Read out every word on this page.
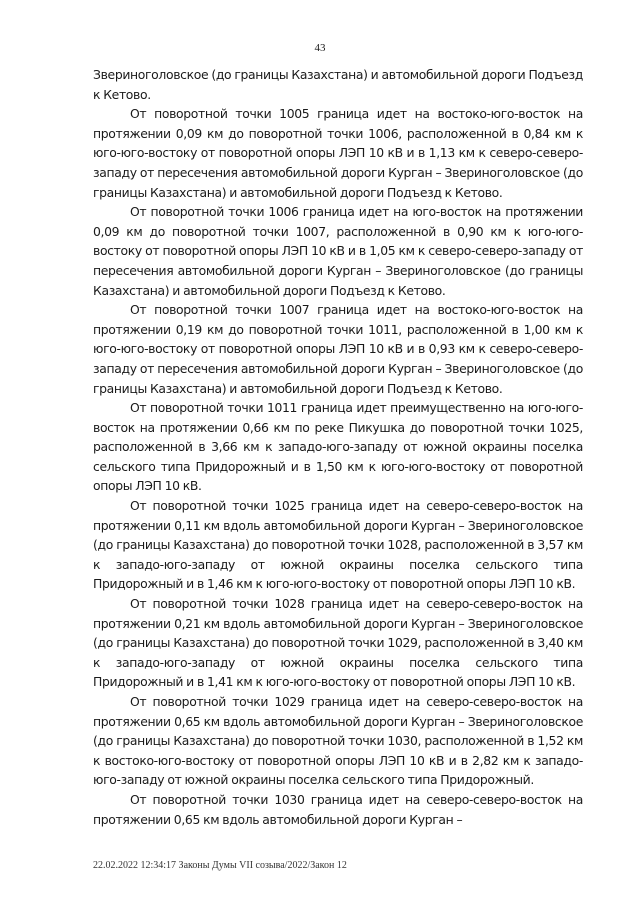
43

Звериноголовское (до границы Казахстана) и автомобильной дороги Подъезд к Кетово.

От поворотной точки 1005 граница идет на востоко-юго-восток на протяжении 0,09 км до поворотной точки 1006, расположенной в 0,84 км к юго-юго-востоку от поворотной опоры ЛЭП 10 кВ и в 1,13 км к северо-северо-западу от пересечения автомобильной дороги Курган – Звериноголовское (до границы Казахстана) и автомобильной дороги Подъезд к Кетово.

От поворотной точки 1006 граница идет на юго-восток на протяжении 0,09 км до поворотной точки 1007, расположенной в 0,90 км к юго-юго-востоку от поворотной опоры ЛЭП 10 кВ и в 1,05 км к северо-северо-западу от пересечения автомобильной дороги Курган – Звериноголовское (до границы Казахстана) и автомобильной дороги Подъезд к Кетово.

От поворотной точки 1007 граница идет на востоко-юго-восток на протяжении 0,19 км до поворотной точки 1011, расположенной в 1,00 км к юго-юго-востоку от поворотной опоры ЛЭП 10 кВ и в 0,93 км к северо-северо-западу от пересечения автомобильной дороги Курган – Звериноголовское (до границы Казахстана) и автомобильной дороги Подъезд к Кетово.

От поворотной точки 1011 граница идет преимущественно на юго-юго-восток на протяжении 0,66 км по реке Пикушка до поворотной точки 1025, расположенной в 3,66 км к западо-юго-западу от южной окраины поселка сельского типа Придорожный и в 1,50 км к юго-юго-востоку от поворотной опоры ЛЭП 10 кВ.

От поворотной точки 1025 граница идет на северо-северо-восток на протяжении 0,11 км вдоль автомобильной дороги Курган – Звериноголовское (до границы Казахстана) до поворотной точки 1028, расположенной в 3,57 км к западо-юго-западу от южной окраины поселка сельского типа Придорожный и в 1,46 км к юго-юго-востоку от поворотной опоры ЛЭП 10 кВ.

От поворотной точки 1028 граница идет на северо-северо-восток на протяжении 0,21 км вдоль автомобильной дороги Курган – Звериноголовское (до границы Казахстана) до поворотной точки 1029, расположенной в 3,40 км к западо-юго-западу от южной окраины поселка сельского типа Придорожный и в 1,41 км к юго-юго-востоку от поворотной опоры ЛЭП 10 кВ.

От поворотной точки 1029 граница идет на северо-северо-восток на протяжении 0,65 км вдоль автомобильной дороги Курган – Звериноголовское (до границы Казахстана) до поворотной точки 1030, расположенной в 1,52 км к востоко-юго-востоку от поворотной опоры ЛЭП 10 кВ и в 2,82 км к западо-юго-западу от южной окраины поселка сельского типа Придорожный.

От поворотной точки 1030 граница идет на северо-северо-восток на протяжении 0,65 км вдоль автомобильной дороги Курган –

22.02.2022 12:34:17 Законы Думы VII созыва/2022/Закон 12
